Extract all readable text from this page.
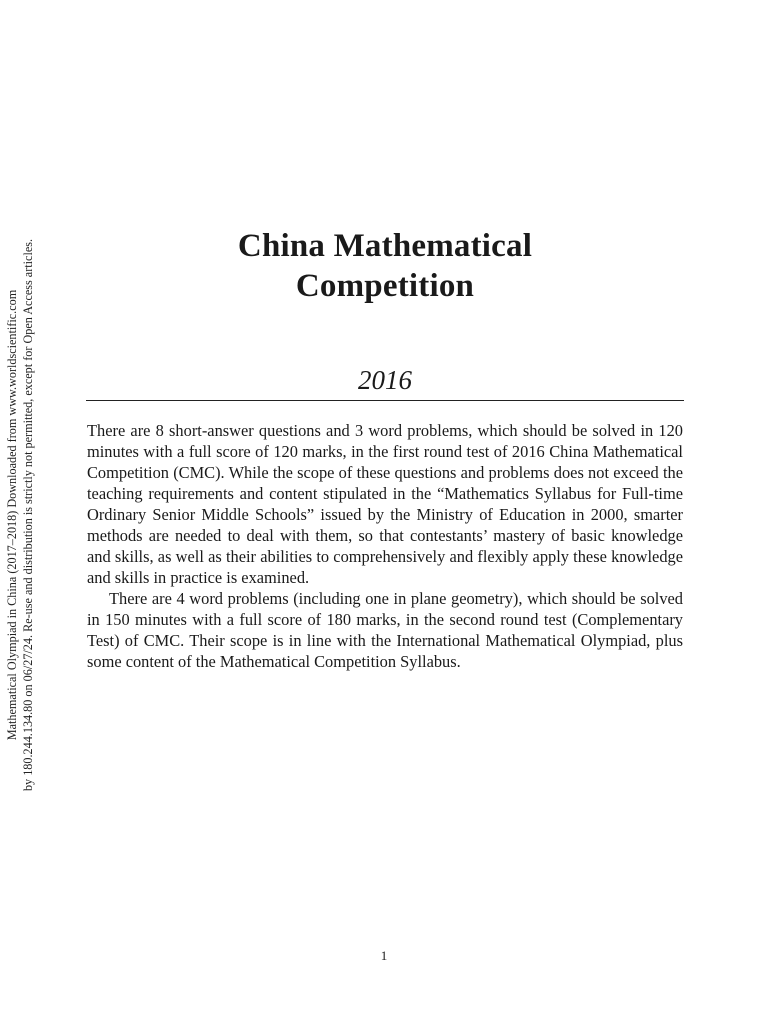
Mathematical Olympiad in China (2017–2018) Downloaded from www.worldscientific.com by 180.244.134.80 on 06/27/24. Re-use and distribution is strictly not permitted, except for Open Access articles.	China Mathematical
Competition
2016

There are 8 short-answer questions and 3 word problems, which should be solved in 120 minutes with a full score of 120 marks, in the first round test of 2016 China Mathematical Competition (CMC). While the scope of these questions and problems does not exceed the teaching requirements and content stipulated in the “Mathematics Syllabus for Full-time Ordinary Senior Middle Schools” issued by the Ministry of Education in 2000, smarter methods are needed to deal with them, so that contestants’ mastery of basic knowledge and skills, as well as their abilities to comprehensively and flexibly apply these knowledge and skills in practice is examined.

There are 4 word problems (including one in plane geometry), which should be solved in 150 minutes with a full score of 180 marks, in the second round test (Complementary Test) of CMC. Their scope is in line with the International Mathematical Olympiad, plus some content of the Mathematical Competition Syllabus.

1
